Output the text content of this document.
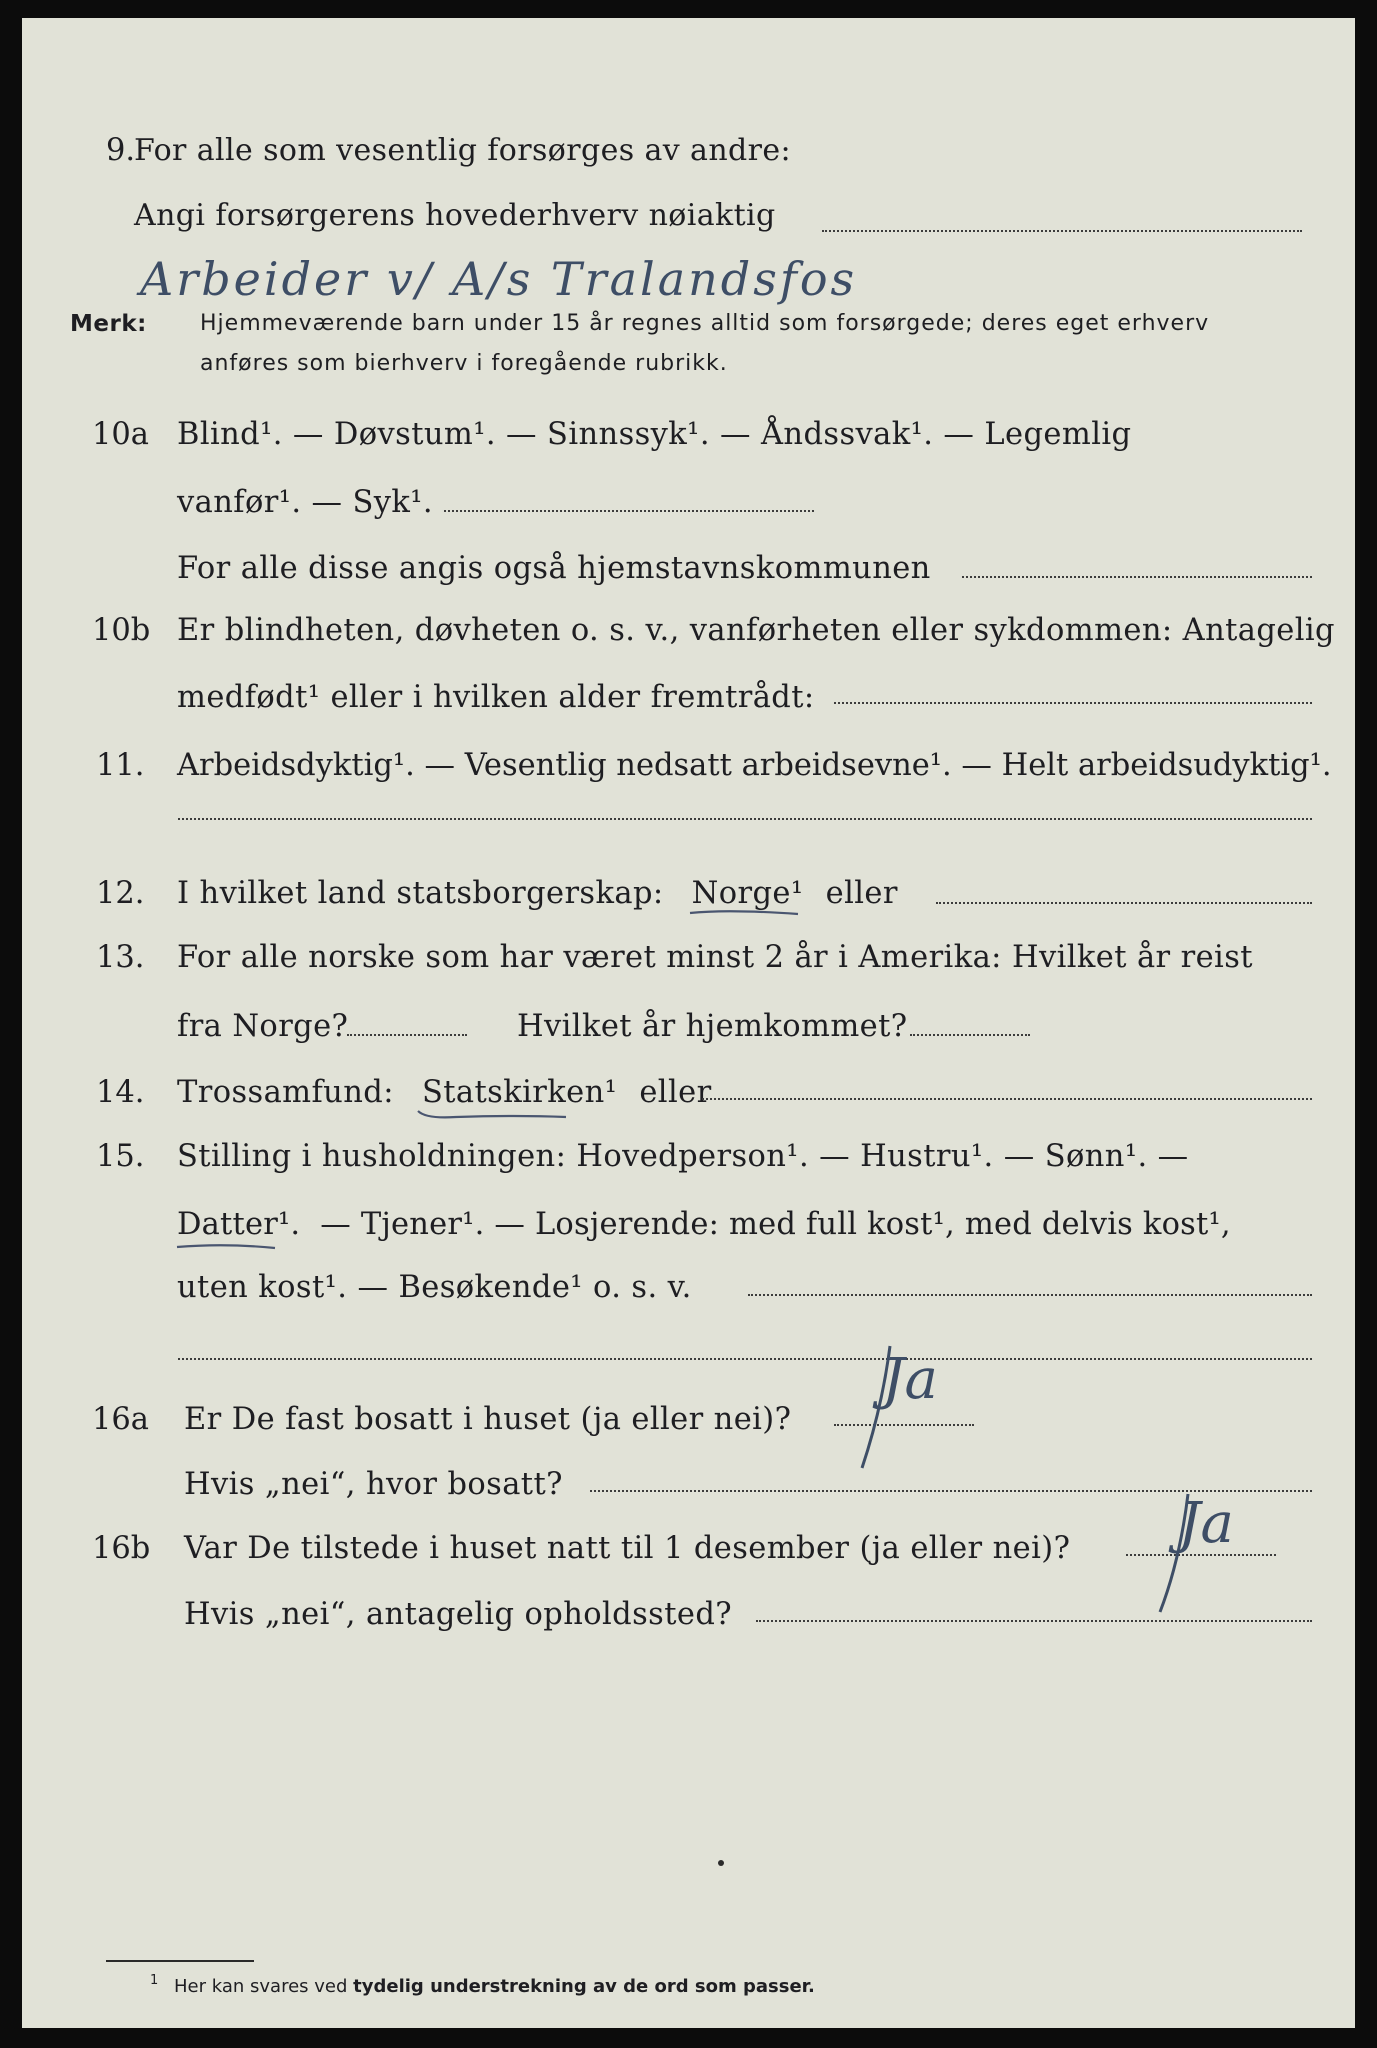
9.
For alle som vesentlig forsørges av andre:
Angi forsørgerens hovederhverv nøiaktig
Arbeider v/ A/s Tralandsfos
Merk: Hjemmeværende barn under 15 år regnes alltid som forsørgede; deres eget erhverv
anføres som bierhverv i foregående rubrikk.
10a Blind¹. — Døvstum¹. — Sinnssyk¹. — Åndssvak¹. — Legemlig
vanfør¹. — Syk¹.
For alle disse angis også hjemstavnskommunen
10b Er blindheten, døvheten o. s. v., vanførheten eller sykdommen: Antagelig
medfødt¹ eller i hvilken alder fremtrådt:
11. Arbeidsdyktig¹. — Vesentlig nedsatt arbeidsevne¹. — Helt arbeidsudyktig¹.
12. I hvilket land statsborgerskap: Norge¹ eller
13. For alle norske som har været minst 2 år i Amerika: Hvilket år reist
fra Norge?	Hvilket år hjemkommet?
14. Trossamfund: Statskirken¹ eller
15. Stilling i husholdningen: Hovedperson¹. — Hustru¹. — Sønn¹. —
Datter¹. — Tjener¹. — Losjerende: med full kost¹, med delvis kost¹,
uten kost¹. — Besøkende¹ o. s. v.
16a Er De fast bosatt i huset (ja eller nei)?
Ja
Hvis „nei“, hvor bosatt?
16b Var De tilstede i huset natt til 1 desember (ja eller nei)? Ja
Hvis „nei“, antagelig opholdssted?
$^1$ Her kan svares ved tydelig understrekning av de ord som passer.
